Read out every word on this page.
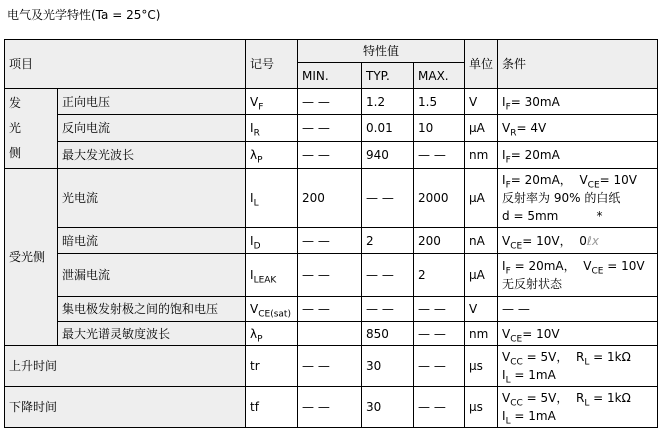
电气及光学特性(Ta = 25°C)
项目		记号	特性值			单位	条件
			MIN.	TYP.	MAX.		
发光侧	正向电压	$V_F$	— —	1.2	1.5	V	$I_F= 30mA$
	反向电流	$I_R$	— —	0.01	10	μA	$V_R= 4V$
	最大发光波长	$\lambda_P$	— —	940	— —	nm	$I_F= 20mA$
受光侧	光电流	$I_L$	200	— —	2000	μA	$I_F= 20mA$，  $V_{CE}= 10V$
反射率为 90% 的白纸
d = 5mm          *
	暗电流	$I_D$	— —	2	200	nA	$V_{CE}= 10V$，  0ℓx
	泄漏电流	$I_{LEAK}$	— —	— —	2	μA	$I_F = 20mA$，  $V_{CE} = 10V$
无反射状态
	集电极发射极之间的饱和电压	$V_{CE(sat)}$	— —	— —	— —	V	— —
	最大光谱灵敏度波长	$\lambda_P$		850	— —	nm	$V_{CE}= 10V$
上升时间		tr	— —	30	— —	μs	$V_{CC} = 5V$，  $R_L = 1k\Omega$
$I_L = 1mA$
下降时间		tf	— —	30	— —	μs	$V_{CC} = 5V$，  $R_L = 1k\Omega$
$I_L = 1mA$
